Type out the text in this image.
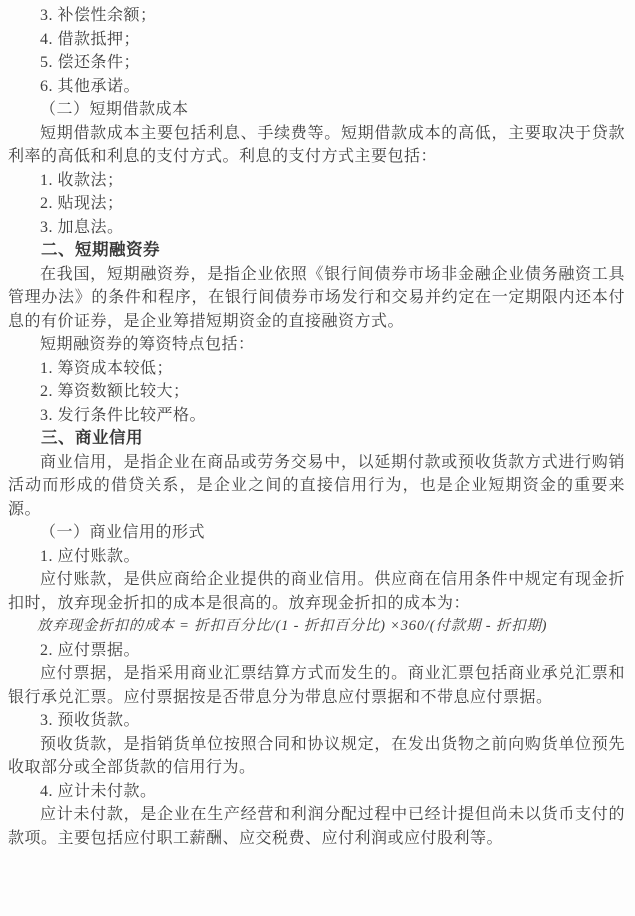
3. 补偿性余额；

4. 借款抵押；

5. 偿还条件；

6. 其他承诺。

（二）短期借款成本

短期借款成本主要包括利息、手续费等。短期借款成本的高低，主要取决于贷款利率的高低和利息的支付方式。利息的支付方式主要包括：

1. 收款法；

2. 贴现法；

3. 加息法。

二、短期融资券

在我国，短期融资券，是指企业依照《银行间债券市场非金融企业债务融资工具管理办法》的条件和程序，在银行间债券市场发行和交易并约定在一定期限内还本付息的有价证券，是企业筹措短期资金的直接融资方式。

短期融资券的筹资特点包括：

1. 筹资成本较低；

2. 筹资数额比较大；

3. 发行条件比较严格。

三、商业信用

商业信用，是指企业在商品或劳务交易中，以延期付款或预收货款方式进行购销活动而形成的借贷关系，是企业之间的直接信用行为，也是企业短期资金的重要来源。

（一）商业信用的形式

1. 应付账款。

应付账款，是供应商给企业提供的商业信用。供应商在信用条件中规定有现金折扣时，放弃现金折扣的成本是很高的。放弃现金折扣的成本为：

放弃现金折扣的成本 = 折扣百分比/(1 - 折扣百分比) ×360/(付款期 - 折扣期)

2. 应付票据。

应付票据，是指采用商业汇票结算方式而发生的。商业汇票包括商业承兑汇票和银行承兑汇票。应付票据按是否带息分为带息应付票据和不带息应付票据。

3. 预收货款。

预收货款，是指销货单位按照合同和协议规定，在发出货物之前向购货单位预先收取部分或全部货款的信用行为。

4. 应计未付款。

应计未付款，是企业在生产经营和利润分配过程中已经计提但尚未以货币支付的款项。主要包括应付职工薪酬、应交税费、应付利润或应付股利等。
